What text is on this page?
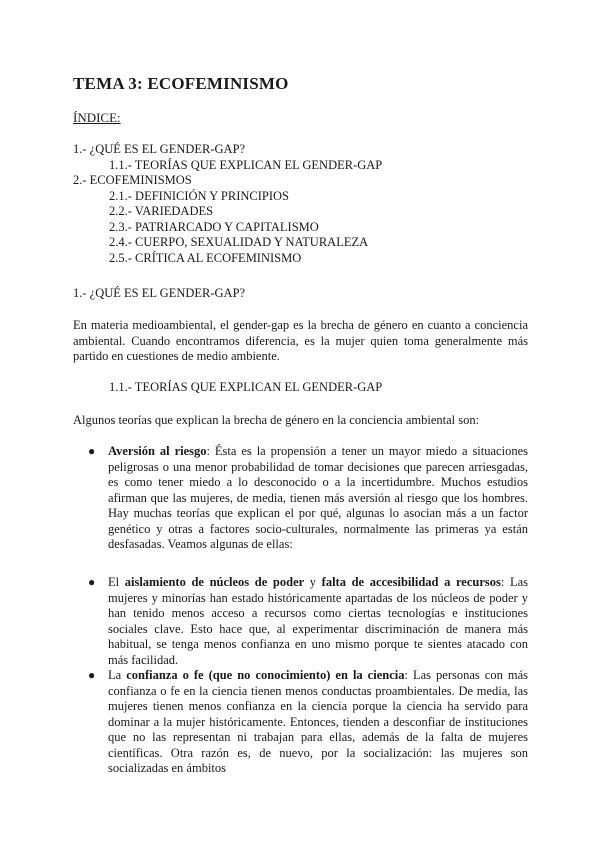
TEMA 3: ECOFEMINISMO
ÍNDICE:
1.- ¿QUÉ ES EL GENDER-GAP?
1.1.- TEORÍAS QUE EXPLICAN EL GENDER-GAP
2.- ECOFEMINISMOS
2.1.- DEFINICIÓN Y PRINCIPIOS
2.2.- VARIEDADES
2.3.- PATRIARCADO Y CAPITALISMO
2.4.- CUERPO, SEXUALIDAD Y NATURALEZA
2.5.- CRÍTICA AL ECOFEMINISMO
1.- ¿QUÉ ES EL GENDER-GAP?
En materia medioambiental, el gender-gap es la brecha de género en cuanto a conciencia ambiental. Cuando encontramos diferencia, es la mujer quien toma generalmente más partido en cuestiones de medio ambiente.
1.1.- TEORÍAS QUE EXPLICAN EL GENDER-GAP
Algunos teorías que explican la brecha de género en la conciencia ambiental son:
● Aversión al riesgo: Ésta es la propensión a tener un mayor miedo a situaciones peligrosas o una menor probabilidad de tomar decisiones que parecen arriesgadas, es como tener miedo a lo desconocido o a la incertidumbre. Muchos estudios afirman que las mujeres, de media, tienen más aversión al riesgo que los hombres. Hay muchas teorías que explican el por qué, algunas lo asocian más a un factor genético y otras a factores socio-culturales, normalmente las primeras ya están desfasadas. Veamos algunas de ellas:
● El aislamiento de núcleos de poder y falta de accesibilidad a recursos: Las mujeres y minorías han estado históricamente apartadas de los núcleos de poder y han tenido menos acceso a recursos como ciertas tecnologías e instituciones sociales clave. Esto hace que, al experimentar discriminación de manera más habitual, se tenga menos confianza en uno mismo porque te sientes atacado con más facilidad.
● La confianza o fe (que no conocimiento) en la ciencia: Las personas con más confianza o fe en la ciencia tienen menos conductas proambientales. De media, las mujeres tienen menos confianza en la ciencia porque la ciencia ha servido para dominar a la mujer históricamente. Entonces, tienden a desconfiar de instituciones que no las representan ni trabajan para ellas, además de la falta de mujeres científicas. Otra razón es, de nuevo, por la socialización: las mujeres son socializadas en ámbitos
